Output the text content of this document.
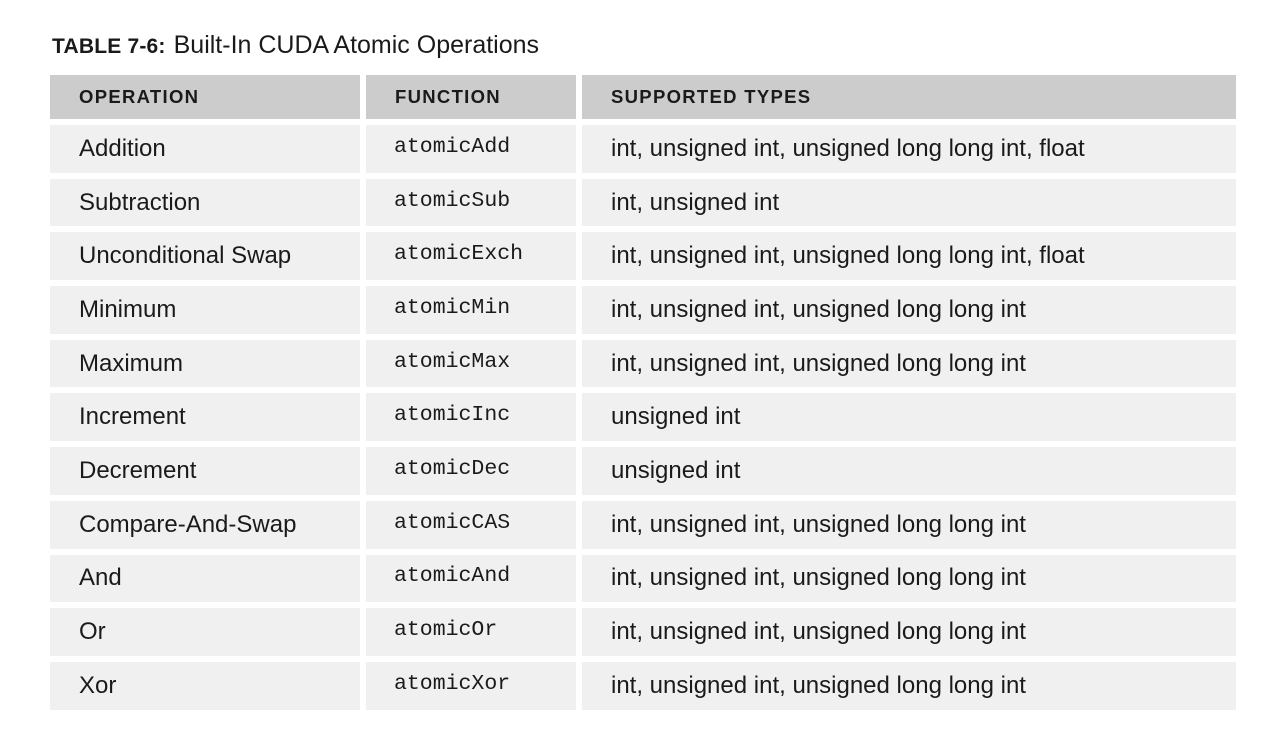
TABLE 7-6: Built-In CUDA Atomic Operations
OPERATION	FUNCTION	SUPPORTED TYPES
Addition	atomicAdd	int, unsigned int, unsigned long long int, float
Subtraction	atomicSub	int, unsigned int
Unconditional Swap	atomicExch	int, unsigned int, unsigned long long int, float
Minimum	atomicMin	int, unsigned int, unsigned long long int
Maximum	atomicMax	int, unsigned int, unsigned long long int
Increment	atomicInc	unsigned int
Decrement	atomicDec	unsigned int
Compare-And-Swap	atomicCAS	int, unsigned int, unsigned long long int
And	atomicAnd	int, unsigned int, unsigned long long int
Or	atomicOr	int, unsigned int, unsigned long long int
Xor	atomicXor	int, unsigned int, unsigned long long int
